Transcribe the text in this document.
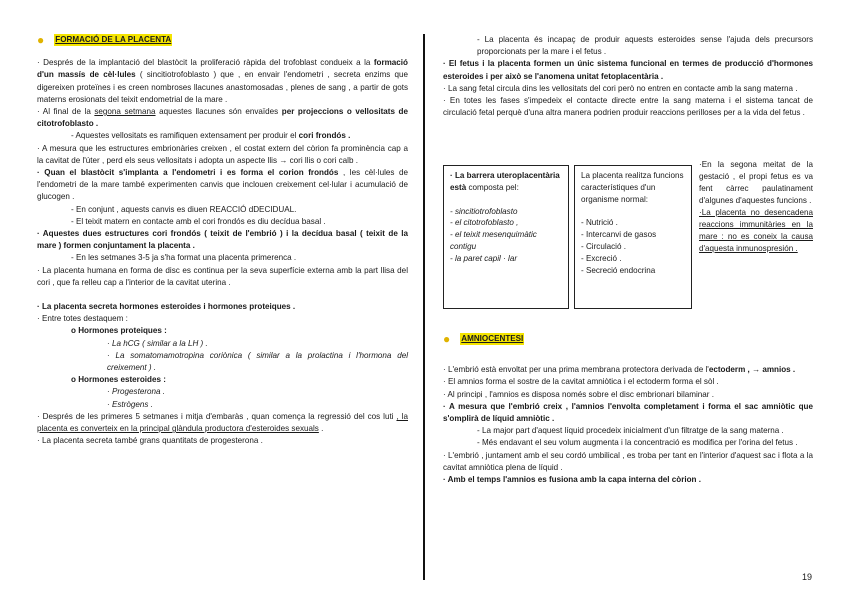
● FORMACIÓ DE LA PLACENTA

· Després de la implantació del blastòcit la proliferació ràpida del trofoblast condueix a la formació d'un massís de cèl·lules ( sincitiotrofoblasto ) que , en envair l'endometri , secreta enzims que digereixen proteïnes i es creen nombroses llacunes anastomosadas , plenes de sang , a partir de gots materns erosionats del teixit endometrial de la mare .

· Al final de la segona setmana aquestes llacunes són envaïdes per projeccions o vellositats de citotrofoblasto .

- Aquestes vellositats es ramifiquen extensament per produir el cori frondós .

· A mesura que les estructures embrionàries creixen , el costat extern del còrion fa prominència cap a la cavitat de l'úter , perd els seus vellositats i adopta un aspecte llis → cori llis o cori calb .

· Quan el blastòcit s'implanta a l'endometri i es forma el corion frondós , les cèl·lules de l'endometri de la mare també experimenten canvis que inclouen creixement cel·lular i acumulació de glucogen .

- En conjunt , aquests canvis es diuen REACCIÓ dDECIDUAL.

- El teixit matern en contacte amb el cori frondós es diu decídua basal .

· Aquestes dues estructures cori frondós ( teixit de l'embrió ) i la decídua basal ( teixit de la mare ) formen conjuntament la placenta .

- En les setmanes 3-5 ja s'ha format una placenta primerenca .

· La placenta humana en forma de disc es continua per la seva superfície externa amb la part llisa del cori , que fa relleu cap a l'interior de la cavitat uterina .

· La placenta secreta hormones esteroides i hormones proteiques .

· Entre totes destaquem :

o Hormones proteiques :

· La hCG ( similar a la LH ) .

· La somatomamotropina coriònica ( similar a la prolactina i l'hormona del creixement ) .

o Hormones esteroides :

· Progesterona .

· Estrògens .

· Després de les primeres 5 setmanes i mitja d'embaràs , quan comença la regressió del cos luti , la placenta es converteix en la principal glàndula productora d'esteroides sexuals .

· La placenta secreta també grans quantitats de progesterona .

- La placenta és incapaç de produir aquests esteroides sense l'ajuda dels precursors proporcionats per la mare i el fetus .

· El fetus i la placenta formen un únic sistema funcional en termes de producció d'hormones esteroides i per això se l'anomena unitat fetoplacentària .

· La sang fetal circula dins les vellositats del cori però no entren en contacte amb la sang materna .

· En totes les fases s'impedeix el contacte directe entre la sang materna i el sistema tancat de circulació fetal perquè d'una altra manera podrien produir reaccions perilloses per a la vida del fetus .

· La barrera uteroplacentària està composta pel:
- sincitiotrofoblasto
- el citotrofoblasto ,
- el teixit mesenquimàtic contigu
- la paret capil · lar
La placenta realitza funcions característiques d'un organisme normal:
- Nutrició .
- Intercanvi de gasos
- Circulació .
- Excreció .
- Secreció endocrina

·En la segona meitat de la gestació , el propi fetus es va fent càrrec paulatinament d'algunes d'aquestes funcions .

·La placenta no desencadena reaccions immunitàries en la mare : no es coneix la causa d'aquesta inmunospresión .

● AMNIOCENTESI

· L'embrió està envoltat per una prima membrana protectora derivada de l'ectoderm , → amnios .

· El amnios forma el sostre de la cavitat amniòtica i el ectoderm forma el sòl .

· Al principi , l'amnios es disposa només sobre el disc embrionari bilaminar .

· A mesura que l'embrió creix , l'amnios l'envolta completament i forma el sac amniòtic que s'omplirà de líquid amniòtic .

- La major part d'aquest líquid procedeix inicialment d'un filtratge de la sang materna .

- Més endavant el seu volum augmenta i la concentració es modifica per l'orina del fetus .

· L'embrió , juntament amb el seu cordó umbilical , es troba per tant en l'interior d'aquest sac i flota a la cavitat amniòtica plena de líquid .

· Amb el temps l'amnios es fusiona amb la capa interna del còrion .

19
